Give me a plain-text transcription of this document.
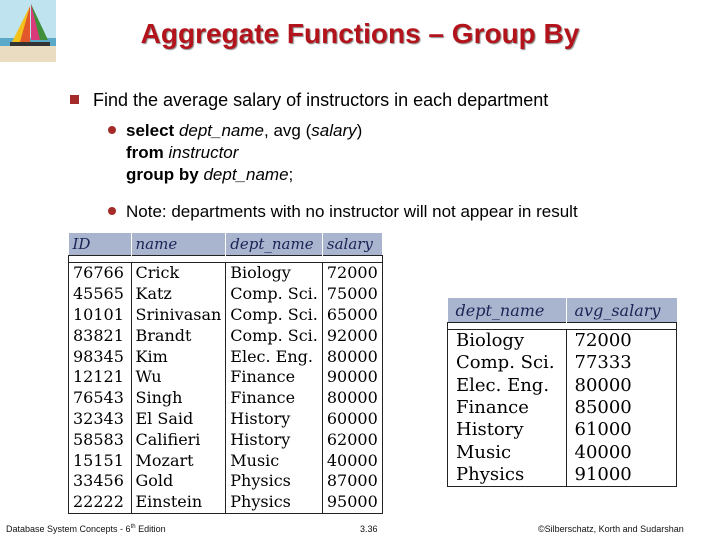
Aggregate Functions – Group By
Find the average salary of instructors in each department
select dept_name, avg (salary)
from instructor
group by dept_name;
Note: departments with no instructor will not appear in result
ID	name	dept_name	salary

76766	Crick	Biology	72000
45565	Katz	Comp. Sci.	75000
10101	Srinivasan	Comp. Sci.	65000
83821	Brandt	Comp. Sci.	92000
98345	Kim	Elec. Eng.	80000
12121	Wu	Finance	90000
76543	Singh	Finance	80000
32343	El Said	History	60000
58583	Califieri	History	62000
15151	Mozart	Music	40000
33456	Gold	Physics	87000
22222	Einstein	Physics	95000
dept_name	avg_salary

Biology	72000
Comp. Sci.	77333
Elec. Eng.	80000
Finance	85000
History	61000
Music	40000
Physics	91000
Database System Concepts - 6th Edition	3.36	©Silberschatz, Korth and Sudarshan
